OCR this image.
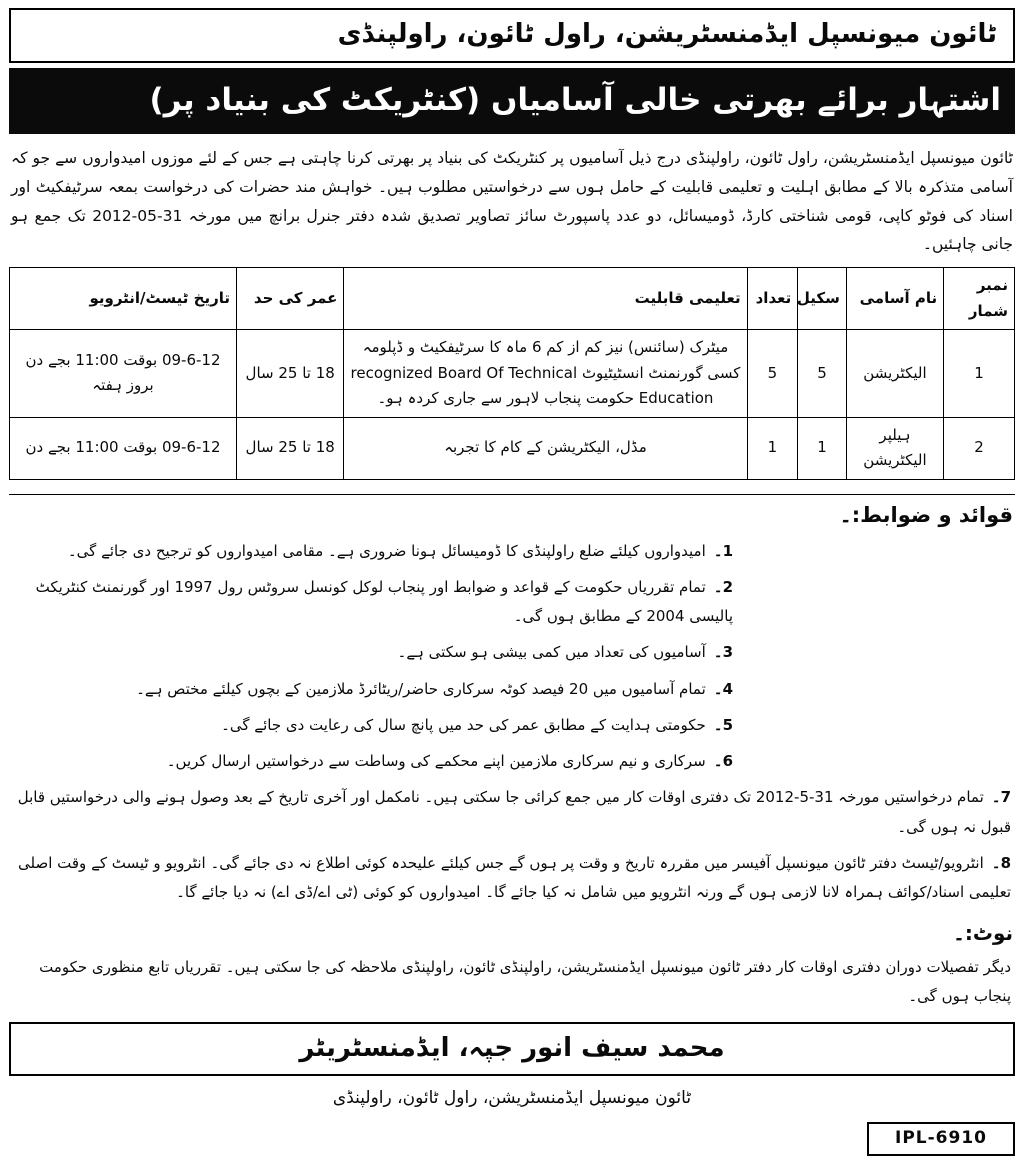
ٹائون میونسپل ایڈمنسٹریشن، راول ٹائون، راولپنڈی
اشتہار برائے بھرتی خالی آسامیاں (کنٹریکٹ کی بنیاد پر)

ٹائون میونسپل ایڈمنسٹریشن، راول ٹائون، راولپنڈی درج ذیل آسامیوں پر کنٹریکٹ کی بنیاد پر بھرتی کرنا چاہتی ہے جس کے لئے موزوں امیدواروں سے جو کہ آسامی متذکرہ بالا کے مطابق اہلیت و تعلیمی قابلیت کے حامل ہوں سے درخواستیں مطلوب ہیں۔ خواہش مند حضرات کی درخواست بمعہ سرٹیفکیٹ اور اسناد کی فوٹو کاپی، قومی شناختی کارڈ، ڈومیسائل، دو عدد پاسپورٹ سائز تصاویر تصدیق شدہ دفتر جنرل برانچ میں مورخہ 31-05-2012 تک جمع ہو جانی چاہئیں۔

نمبر شمار	نام آسامی	سکیل	تعداد	تعلیمی قابلیت	عمر کی حد	تاریخ ٹیسٹ/انٹرویو
1	الیکٹریشن	5	5	میٹرک (سائنس) نیز کم از کم 6 ماہ کا سرٹیفکیٹ و ڈپلومہ کسی گورنمنٹ انسٹیٹیوٹ recognized Board Of Technical Education حکومت پنجاب لاہور سے جاری کردہ ہو۔	18 تا 25 سال	09-6-12 بوقت 11:00 بجے دن بروز ہفتہ
2	ہیلپر الیکٹریشن	1	1	مڈل، الیکٹریشن کے کام کا تجربہ	18 تا 25 سال	09-6-12 بوقت 11:00 بجے دن
قوائد و ضوابط:۔
1۔امیدواروں کیلئے ضلع راولپنڈی کا ڈومیسائل ہونا ضروری ہے۔ مقامی امیدواروں کو ترجیح دی جائے گی۔
2۔تمام تقرریاں حکومت کے قواعد و ضوابط اور پنجاب لوکل کونسل سروٹس رول 1997 اور گورنمنٹ کنٹریکٹ پالیسی 2004 کے مطابق ہوں گی۔
3۔آسامیوں کی تعداد میں کمی بیشی ہو سکتی ہے۔
4۔تمام آسامیوں میں 20 فیصد کوٹہ سرکاری حاضر/ریٹائرڈ ملازمین کے بچوں کیلئے مختص ہے۔
5۔حکومتی ہدایت کے مطابق عمر کی حد میں پانچ سال کی رعایت دی جائے گی۔
6۔سرکاری و نیم سرکاری ملازمین اپنے محکمے کی وساطت سے درخواستیں ارسال کریں۔
7۔تمام درخواستیں مورخہ 31-5-2012 تک دفتری اوقات کار میں جمع کرائی جا سکتی ہیں۔ نامکمل اور آخری تاریخ کے بعد وصول ہونے والی درخواستیں قابل قبول نہ ہوں گی۔
8۔انٹرویو/ٹیسٹ دفتر ٹائون میونسپل آفیسر میں مقررہ تاریخ و وقت پر ہوں گے جس کیلئے علیحدہ کوئی اطلاع نہ دی جائے گی۔ انٹرویو و ٹیسٹ کے وقت اصلی تعلیمی اسناد/کوائف ہمراہ لانا لازمی ہوں گے ورنہ انٹرویو میں شامل نہ کیا جائے گا۔ امیدواروں کو کوئی (ٹی اے/ڈی اے) نہ دیا جائے گا۔
نوٹ:۔

دیگر تفصیلات دوران دفتری اوقات کار دفتر ٹائون میونسپل ایڈمنسٹریشن، راولپنڈی ٹائون، راولپنڈی ملاحظہ کی جا سکتی ہیں۔ تقرریاں تابع منظوری حکومت پنجاب ہوں گی۔

محمد سیف انور جپہ، ایڈمنسٹریٹر
ٹائون میونسپل ایڈمنسٹریشن، راول ٹائون، راولپنڈی
IPL-6910
